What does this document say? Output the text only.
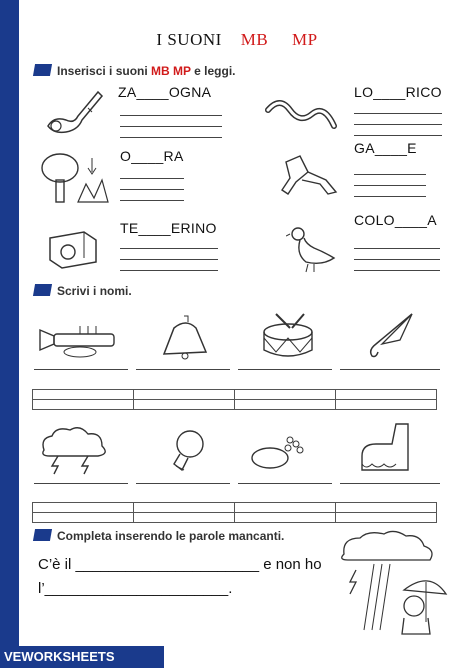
I SUONI MB MP
Inserisci i suoni MB MP e leggi.
ZA____OGNA	LO____RICO
O____RA	GA____E
TE____ERINO	COLO____A
Scrivi i nomi.

Completa inserendo le parole mancanti.
C’è il ______________________ e non ho
l’______________________.
VEWORKSHEETS
